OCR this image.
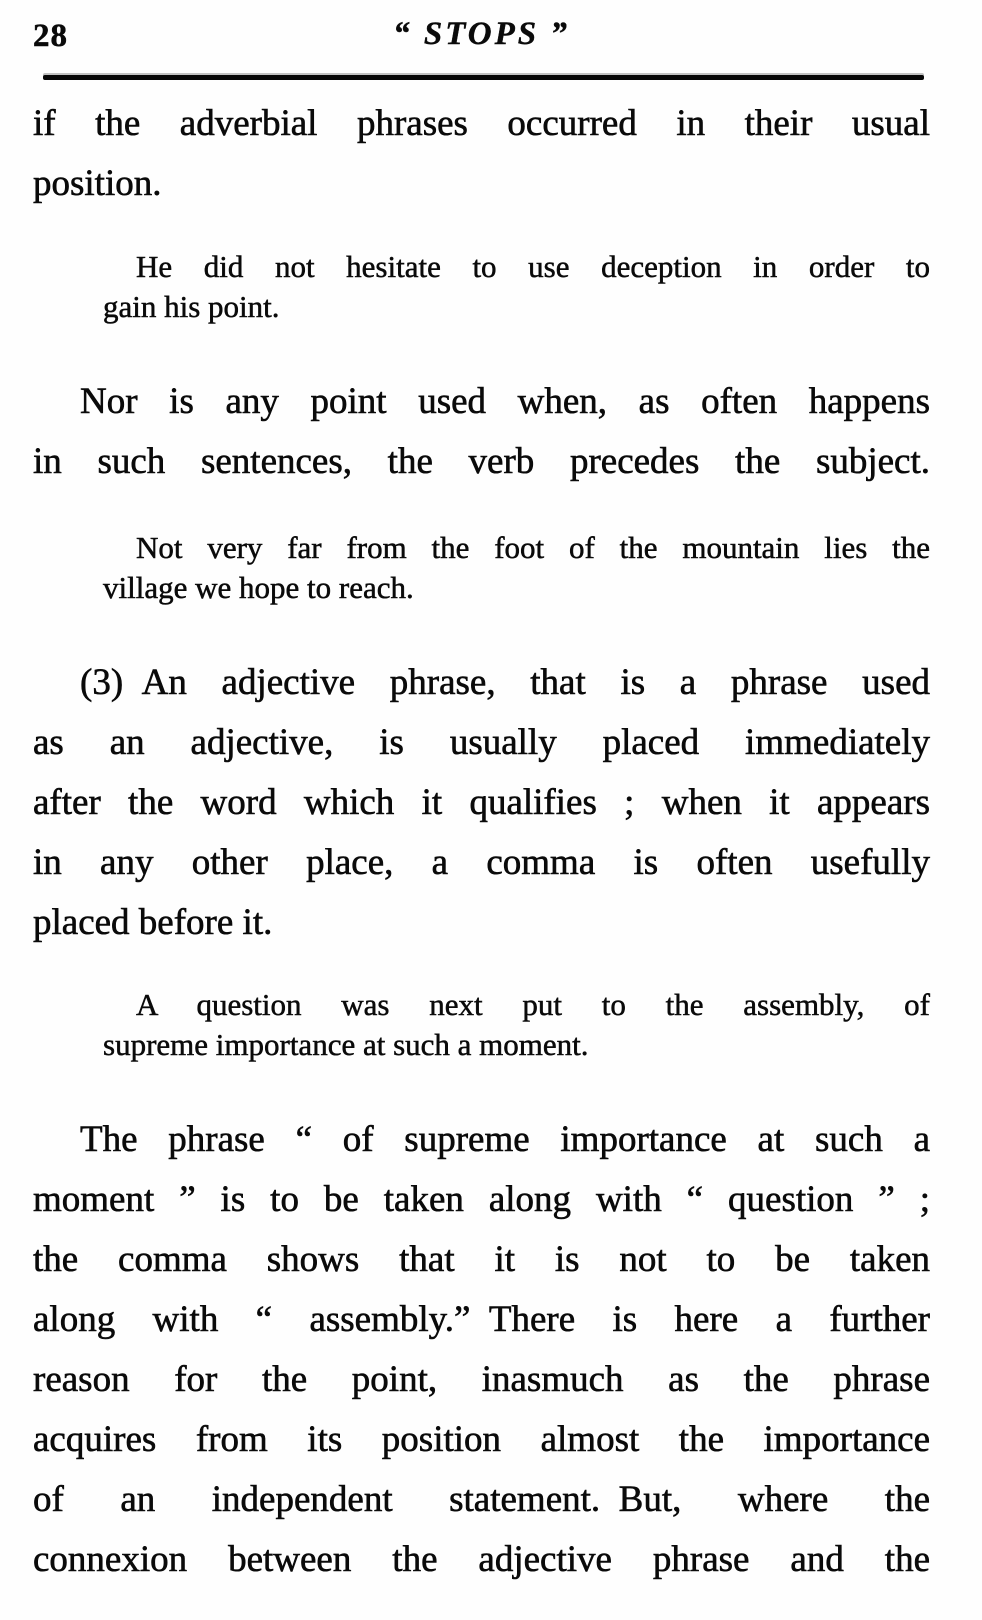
28	“ STOPS ”
if the adverbial phrases occurred in their usual
position.
He did not hesitate to use deception in order to
gain his point.
Nor is any point used when, as often happens
in such sentences, the verb precedes the subject.
Not very far from the foot of the mountain lies the
village we hope to reach.
(3) An adjective phrase, that is a phrase used
as an adjective, is usually placed immediately
after the word which it qualifies ; when it appears
in any other place, a comma is often usefully
placed before it.
A question was next put to the assembly, of
supreme importance at such a moment.
The phrase “ of supreme importance at such a
moment ” is to be taken along with “ question ” ;
the comma shows that it is not to be taken
along with “ assembly.” There is here a further
reason for the point, inasmuch as the phrase
acquires from its position almost the importance
of an independent statement. But, where the
connexion between the adjective phrase and the
